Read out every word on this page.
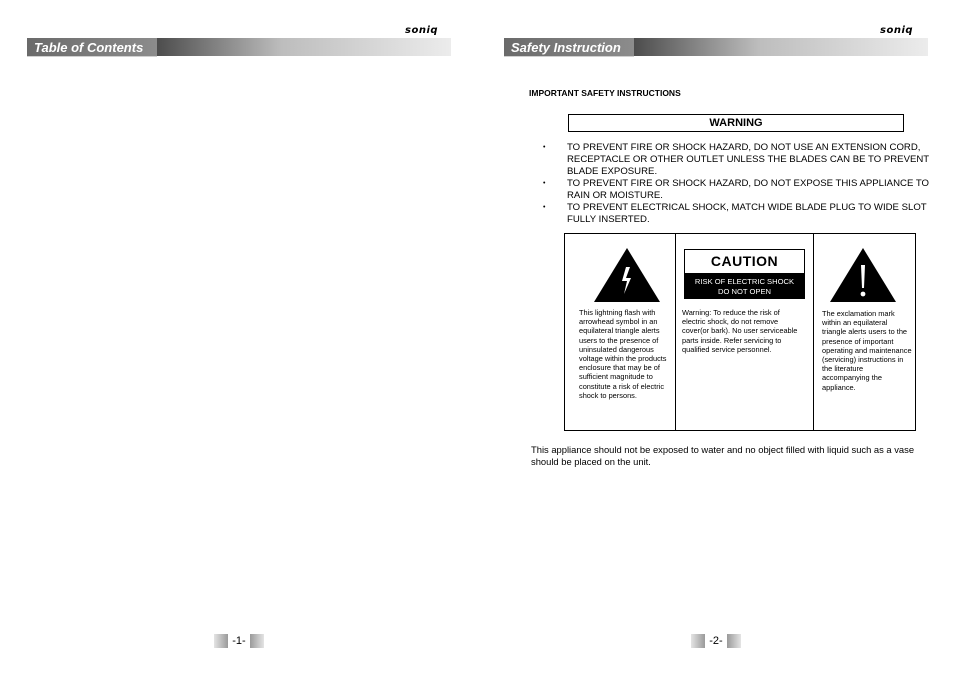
soniq
Table of Contents
-1-
soniq
Safety Instruction
IMPORTANT SAFETY INSTRUCTIONS
WARNING
• TO PREVENT FIRE OR SHOCK HAZARD, DO NOT USE AN EXTENSION CORD, RECEPTACLE OR OTHER OUTLET UNLESS THE BLADES CAN BE TO PREVENT BLADE EXPOSURE.
• TO PREVENT FIRE OR SHOCK HAZARD, DO NOT EXPOSE THIS APPLIANCE TO RAIN OR MOISTURE.
• TO PREVENT ELECTRICAL SHOCK, MATCH WIDE BLADE PLUG TO WIDE SLOT FULLY INSERTED.
This lightning flash with arrowhead symbol in an equilateral triangle alerts users to the presence of uninsulated dangerous voltage within the products enclosure that may be of sufficient magnitude to constitute a risk of electric shock to persons.
CAUTION
RISK OF ELECTRIC SHOCK
DO NOT OPEN
Warning: To reduce the risk of electric shock, do not remove cover(or bark). No user serviceable parts inside. Refer servicing to qualified service personnel.
The exclamation mark within an equilateral triangle alerts users to the presence of important operating and maintenance (servicing) instructions in the literature accompanying the appliance.
This appliance should not be exposed to water and no object filled with liquid such as a vase should be placed on the unit.
-2-
